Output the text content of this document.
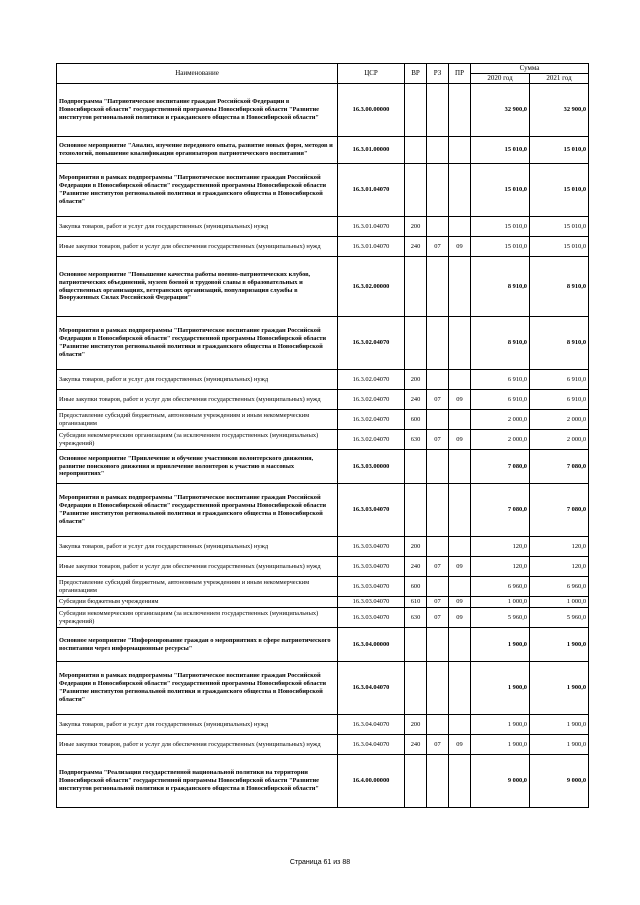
Наименование	ЦСР	ВР	РЗ	ПР	Сумма	
					2020 год	2021 год
Подпрограмма "Патриотическое воспитание граждан Российской Федерации в Новосибирской области" государственной программы Новосибирской области "Развитие институтов региональной политики и гражданского общества в Новосибирской области"	16.3.00.00000				32 900,0	32 900,0
Основное мероприятие "Анализ, изучение передового опыта, развитие новых форм, методов и технологий, повышение квалификации организаторов патриотического воспитания"	16.3.01.00000				15 010,0	15 010,0
Мероприятия в рамках подпрограммы "Патриотическое воспитание граждан Российской Федерации в Новосибирской области" государственной программы Новосибирской области "Развитие институтов региональной политики и гражданского общества в Новосибирской области"	16.3.01.04070				15 010,0	15 010,0
Закупка товаров, работ и услуг для государственных (муниципальных) нужд	16.3.01.04070	200			15 010,0	15 010,0
Иные закупки товаров, работ и услуг для обеспечения государственных (муниципальных) нужд	16.3.01.04070	240	07	09	15 010,0	15 010,0
Основное мероприятие "Повышение качества работы военно-патриотических клубов, патриотических объединений, музеев боевой и трудовой славы в образовательных и общественных организациях, ветеранских организаций, популяризация службы в Вооруженных Силах Российской Федерации"	16.3.02.00000				8 910,0	8 910,0
Мероприятия в рамках подпрограммы "Патриотическое воспитание граждан Российской Федерации в Новосибирской области" государственной программы Новосибирской области "Развитие институтов региональной политики и гражданского общества в Новосибирской области"	16.3.02.04070				8 910,0	8 910,0
Закупка товаров, работ и услуг для государственных (муниципальных) нужд	16.3.02.04070	200			6 910,0	6 910,0
Иные закупки товаров, работ и услуг для обеспечения государственных (муниципальных) нужд	16.3.02.04070	240	07	09	6 910,0	6 910,0
Предоставление субсидий бюджетным, автономным учреждениям и иным некоммерческим организациям	16.3.02.04070	600			2 000,0	2 000,0
Субсидии некоммерческим организациям (за исключением государственных (муниципальных) учреждений)	16.3.02.04070	630	07	09	2 000,0	2 000,0
Основное мероприятие "Привлечение и обучение участников волонтерского движения, развитие поискового движения и привлечение волонтеров к участию в массовых мероприятиях"	16.3.03.00000				7 080,0	7 080,0
Мероприятия в рамках подпрограммы "Патриотическое воспитание граждан Российской Федерации в Новосибирской области" государственной программы Новосибирской области "Развитие институтов региональной политики и гражданского общества в Новосибирской области"	16.3.03.04070				7 080,0	7 080,0
Закупка товаров, работ и услуг для государственных (муниципальных) нужд	16.3.03.04070	200			120,0	120,0
Иные закупки товаров, работ и услуг для обеспечения государственных (муниципальных) нужд	16.3.03.04070	240	07	09	120,0	120,0
Предоставление субсидий бюджетным, автономным учреждениям и иным некоммерческим организациям	16.3.03.04070	600			6 960,0	6 960,0
Субсидии бюджетным учреждениям	16.3.03.04070	610	07	09	1 000,0	1 000,0
Субсидии некоммерческим организациям (за исключением государственных (муниципальных) учреждений)	16.3.03.04070	630	07	09	5 960,0	5 960,0
Основное мероприятие "Информирование граждан о мероприятиях в сфере патриотического воспитания через информационные ресурсы"	16.3.04.00000				1 900,0	1 900,0
Мероприятия в рамках подпрограммы "Патриотическое воспитание граждан Российской Федерации в Новосибирской области" государственной программы Новосибирской области "Развитие институтов региональной политики и гражданского общества в Новосибирской области"	16.3.04.04070				1 900,0	1 900,0
Закупка товаров, работ и услуг для государственных (муниципальных) нужд	16.3.04.04070	200			1 900,0	1 900,0
Иные закупки товаров, работ и услуг для обеспечения государственных (муниципальных) нужд	16.3.04.04070	240	07	09	1 900,0	1 900,0
Подпрограмма "Реализация государственной национальной политики на территории Новосибирской области" государственной программы Новосибирской области "Развитие институтов региональной политики и гражданского общества в Новосибирской области"	16.4.00.00000				9 000,0	9 000,0
Страница 61 из 88
